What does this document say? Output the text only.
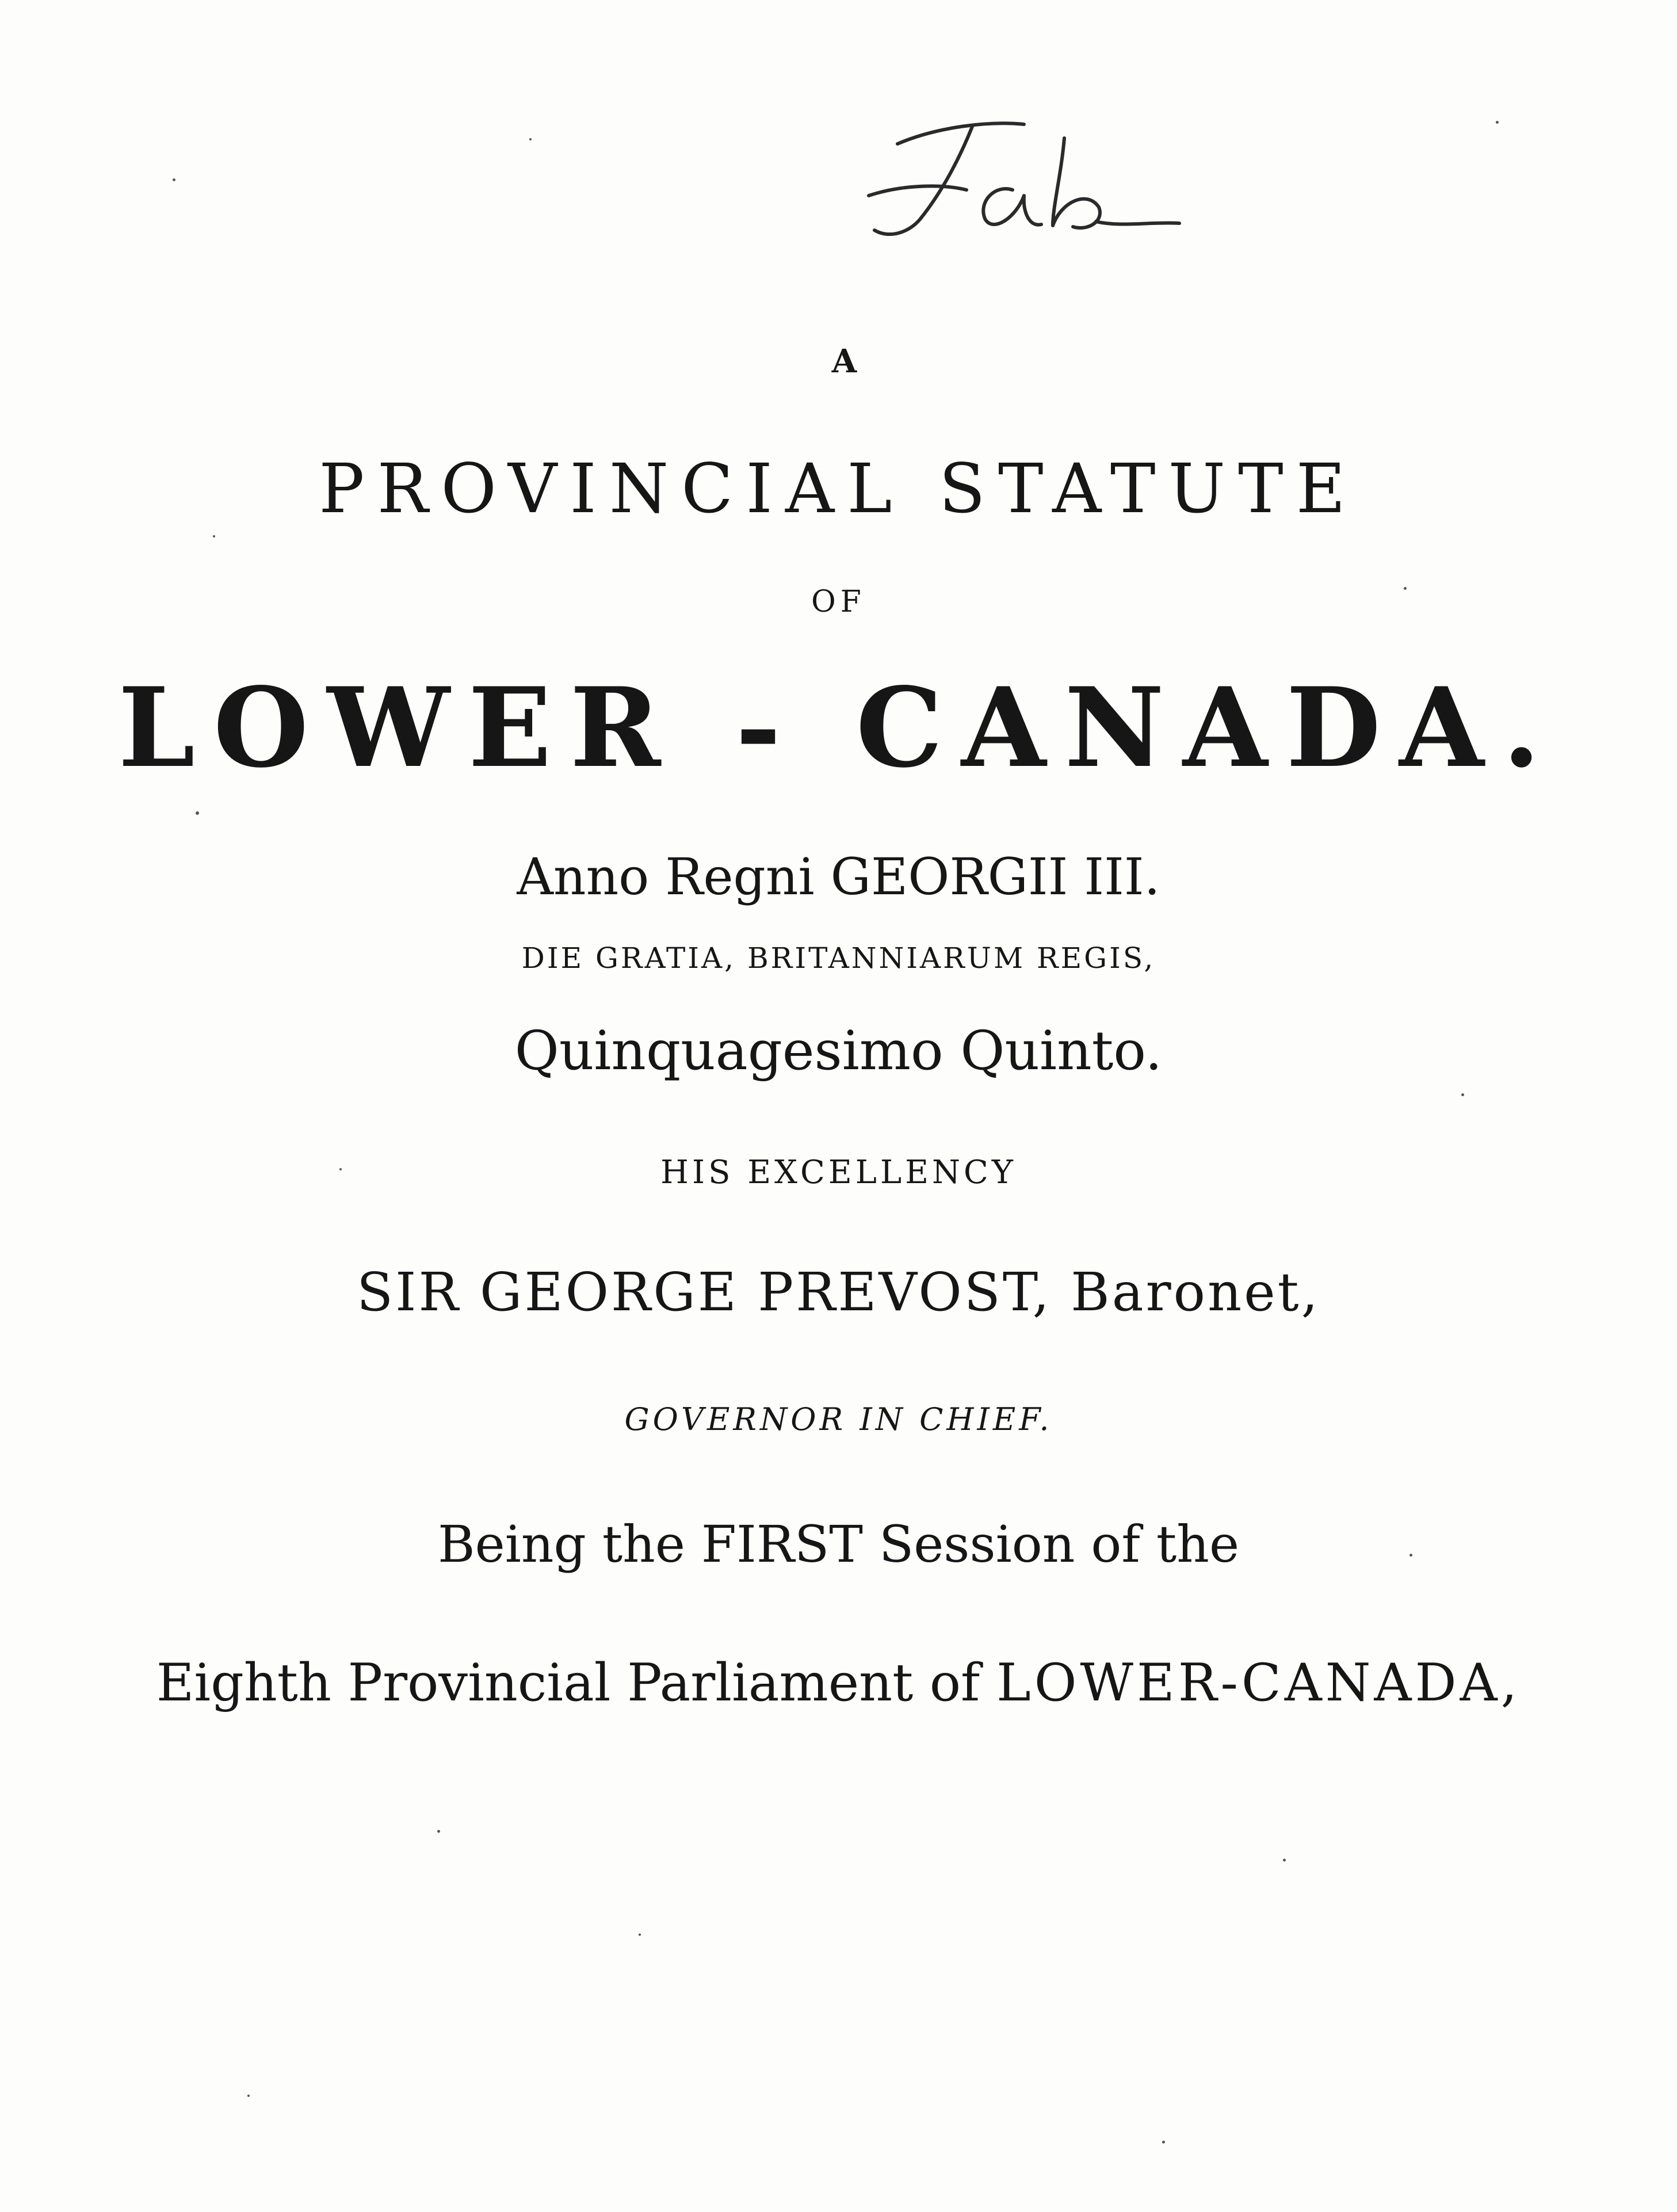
A
PROVINCIAL STATUTE
OF
LOWER - CANADA.
Anno Regni GEORGII III.
DIE GRATIA, BRITANNIARUM REGIS,
Quinquagesimo Quinto.
HIS EXCELLENCY
SIR GEORGE PREVOST, Baronet,
GOVERNOR IN CHIEF.
Being the FIRST Session of the
Eighth Provincial Parliament of LOWER-CANADA,
